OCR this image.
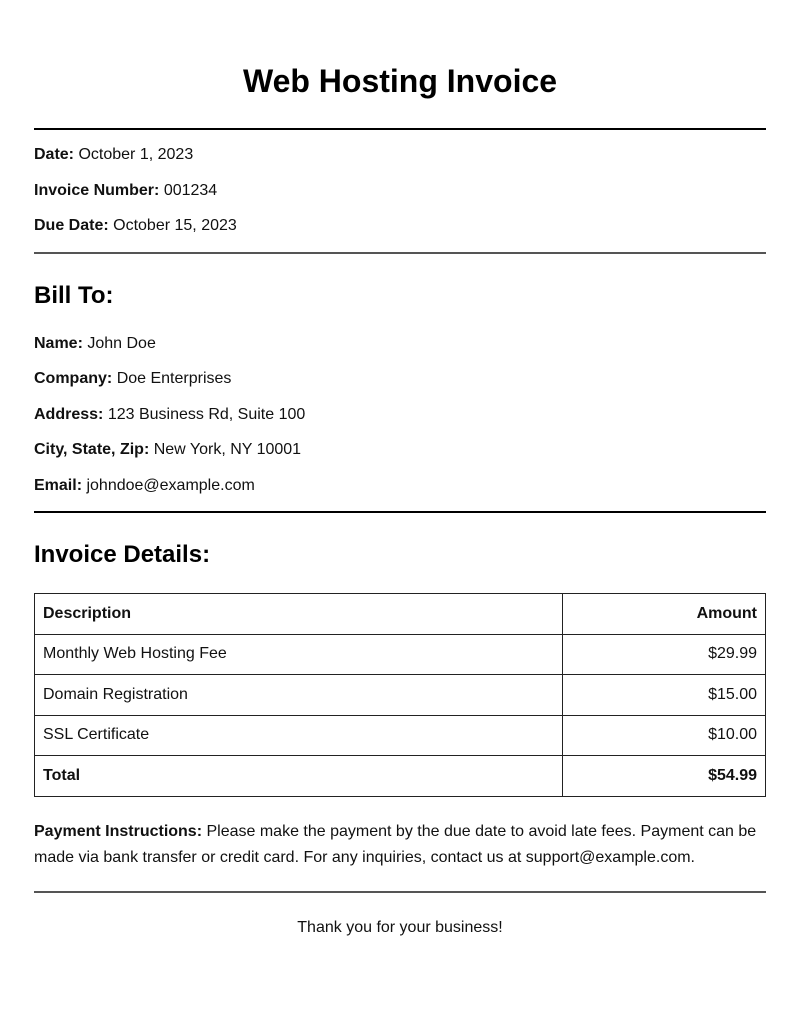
Web Hosting Invoice

Date: October 1, 2023

Invoice Number: 001234

Due Date: October 15, 2023

Bill To:

Name: John Doe

Company: Doe Enterprises

Address: 123 Business Rd, Suite 100

City, State, Zip: New York, NY 10001

Email: johndoe@example.com

Invoice Details:
Description	Amount
Monthly Web Hosting Fee	$29.99
Domain Registration	$15.00
SSL Certificate	$10.00
Total	$54.99

Payment Instructions: Please make the payment by the due date to avoid late fees. Payment can be made via bank transfer or credit card. For any inquiries, contact us at support@example.com.

Thank you for your business!
